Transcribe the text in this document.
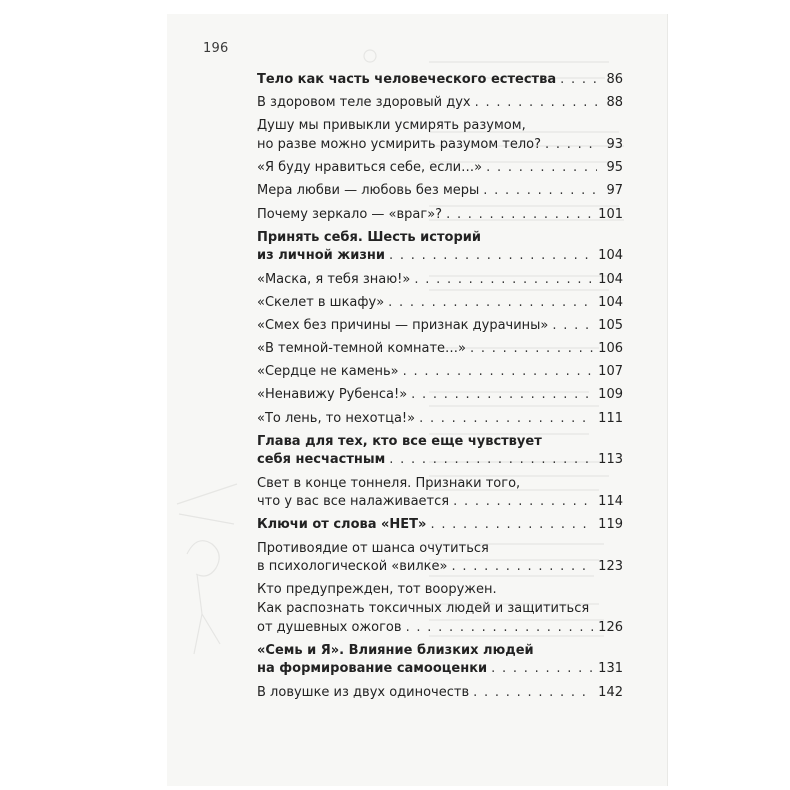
196
Тело как часть человеческого естества . . .	86
В здоровом теле здоровый дух . . .	88
Душу мы привыкли усмирять разумом,
но разве можно усмирить разумом тело? . . .	93
«Я буду нравиться себе, если…» . . .	95
Мера любви — любовь без меры . . .	97
Почему зеркало — «враг»? . . .	101
Принять себя. Шесть историй
из личной жизни . . .	104
«Маска, я тебя знаю!» . . .	104
«Скелет в шкафу» . . .	104
«Смех без причины — признак дурачины» . . .	105
«В темной-темной комнате…» . . .	106
«Сердце не камень» . . .	107
«Ненавижу Рубенса!» . . .	109
«То лень, то нехотца!» . . .	111
Глава для тех, кто все еще чувствует
себя несчастным . . .	113
Свет в конце тоннеля. Признаки того,
что у вас все налаживается . . .	114
Ключи от слова «НЕТ» . . .	119
Противоядие от шанса очутиться
в психологической «вилке» . . .	123
Кто предупрежден, тот вооружен.
Как распознать токсичных людей и защититься
от душевных ожогов . . .	126
«Семь и Я». Влияние близких людей
на формирование самооценки . . .	131
В ловушке из двух одиночеств . . .	142
